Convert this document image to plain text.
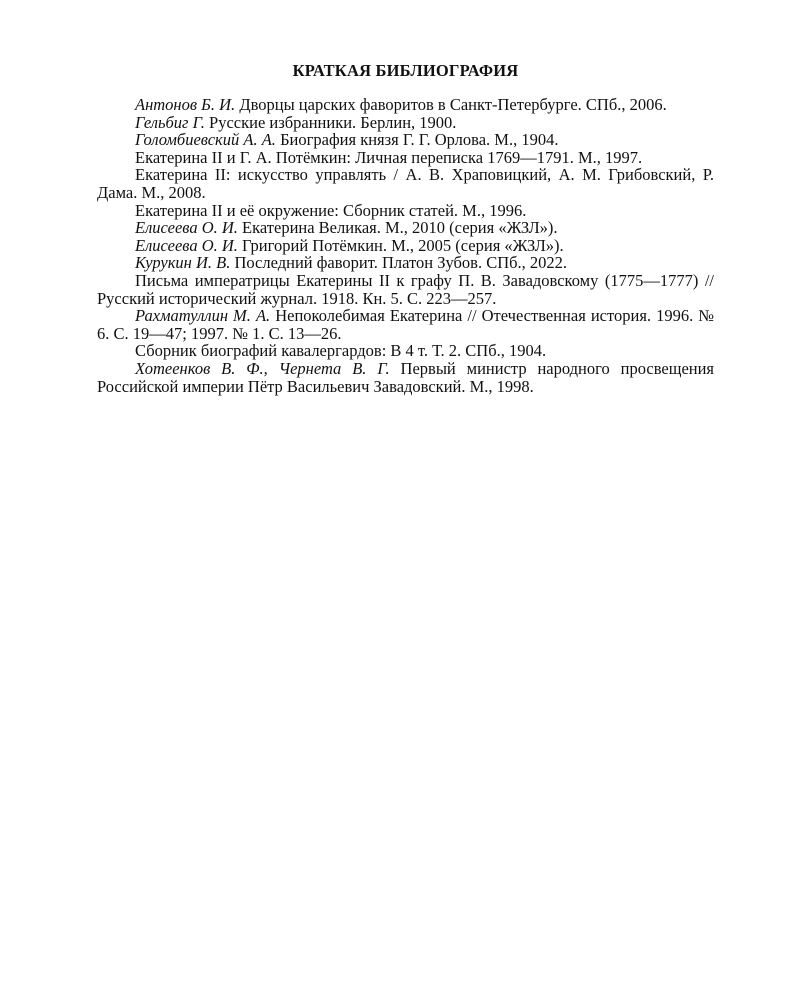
КРАТКАЯ БИБЛИОГРАФИЯ
Антонов Б. И. Дворцы царских фаворитов в Санкт-Петербурге. СПб., 2006.
Гельбиг Г. Русские избранники. Берлин, 1900.
Голомбиевский А. А. Биография князя Г. Г. Орлова. М., 1904.
Екатерина II и Г. А. Потёмкин: Личная переписка 1769—1791. М., 1997.
Екатерина II: искусство управлять / А. В. Храповицкий, А. М. Грибовский, Р. Дама. М., 2008.
Екатерина II и её окружение: Сборник статей. М., 1996.
Елисеева О. И. Екатерина Великая. М., 2010 (серия «ЖЗЛ»).
Елисеева О. И. Григорий Потёмкин. М., 2005 (серия «ЖЗЛ»).
Курукин И. В. Последний фаворит. Платон Зубов. СПб., 2022.
Письма императрицы Екатерины II к графу П. В. Завадовскому (1775—1777) // Русский исторический журнал. 1918. Кн. 5. С. 223—257.
Рахматуллин М. А. Непоколебимая Екатерина // Отечественная история. 1996. № 6. С. 19—47; 1997. № 1. С. 13—26.
Сборник биографий кавалергардов: В 4 т. Т. 2. СПб., 1904.
Хотеенков В. Ф., Чернета В. Г. Первый министр народного просвещения Российской империи Пётр Васильевич Завадовский. М., 1998.
